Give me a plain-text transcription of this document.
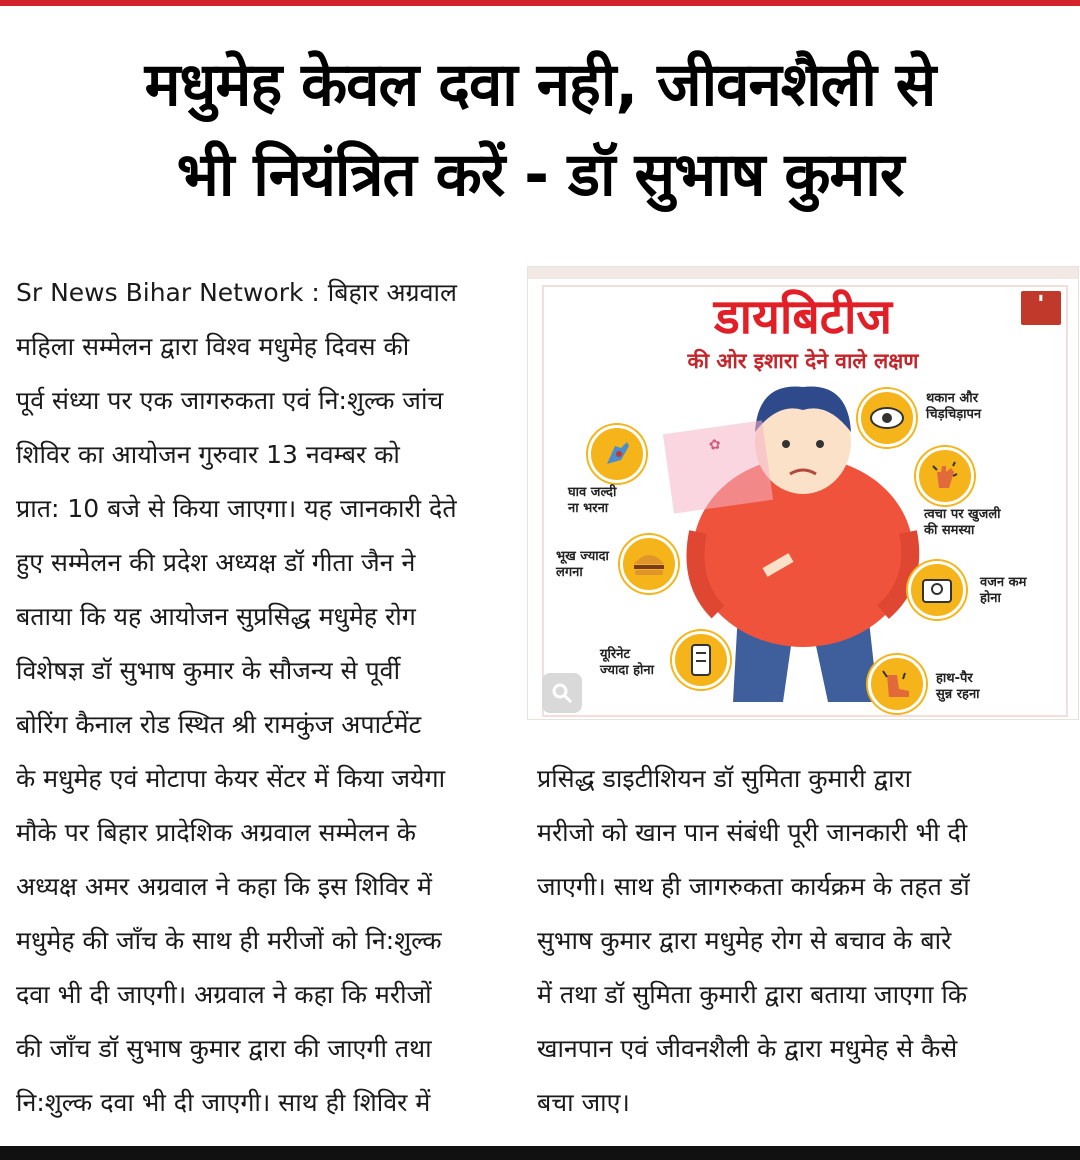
मधुमेह केवल दवा नही, जीवनशैली से
भी नियंत्रित करें - डॉ सुभाष कुमार
Sr News Bihar Network : बिहार अग्रवाल
महिला सम्मेलन द्वारा विश्व मधुमेह दिवस की
पूर्व संध्या पर एक जागरुकता एवं नि:शुल्क जांच
शिविर का आयोजन गुरुवार 13 नवम्बर को
प्रात: 10 बजे से किया जाएगा। यह जानकारी देते
हुए सम्मेलन की प्रदेश अध्यक्ष डॉ गीता जैन ने
बताया कि यह आयोजन सुप्रसिद्ध मधुमेह रोग
विशेषज्ञ डॉ सुभाष कुमार के सौजन्य से पूर्वी
बोरिंग कैनाल रोड स्थित श्री रामकुंज अपार्टमेंट
▮
डायबिटीज
की ओर इशारा देने वाले लक्षण
✿
थकान और
चिड़चिड़ापन
घाव जल्दी
ना भरना	त्वचा पर खुजली
की समस्या
भूख ज्यादा
लगना
वजन कम
होना
यूरिनेट
ज्यादा होना
हाथ-पैर
सुन्न रहना
के मधुमेह एवं मोटापा केयर सेंटर में किया जयेगा
मौके पर बिहार प्रादेशिक अग्रवाल सम्मेलन के
अध्यक्ष अमर अग्रवाल ने कहा कि इस शिविर में
मधुमेह की जाँच के साथ ही मरीजों को नि:शुल्क
दवा भी दी जाएगी। अग्रवाल ने कहा कि मरीजों
की जाँच डॉ सुभाष कुमार द्वारा की जाएगी तथा
नि:शुल्क दवा भी दी जाएगी। साथ ही शिविर में
प्रसिद्ध डाइटीशियन डॉ सुमिता कुमारी द्वारा
मरीजो को खान पान संबंधी पूरी जानकारी भी दी
जाएगी। साथ ही जागरुकता कार्यक्रम के तहत डॉ
सुभाष कुमार द्वारा मधुमेह रोग से बचाव के बारे
में तथा डॉ सुमिता कुमारी द्वारा बताया जाएगा कि
खानपान एवं जीवनशैली के द्वारा मधुमेह से कैसे
बचा जाए।
